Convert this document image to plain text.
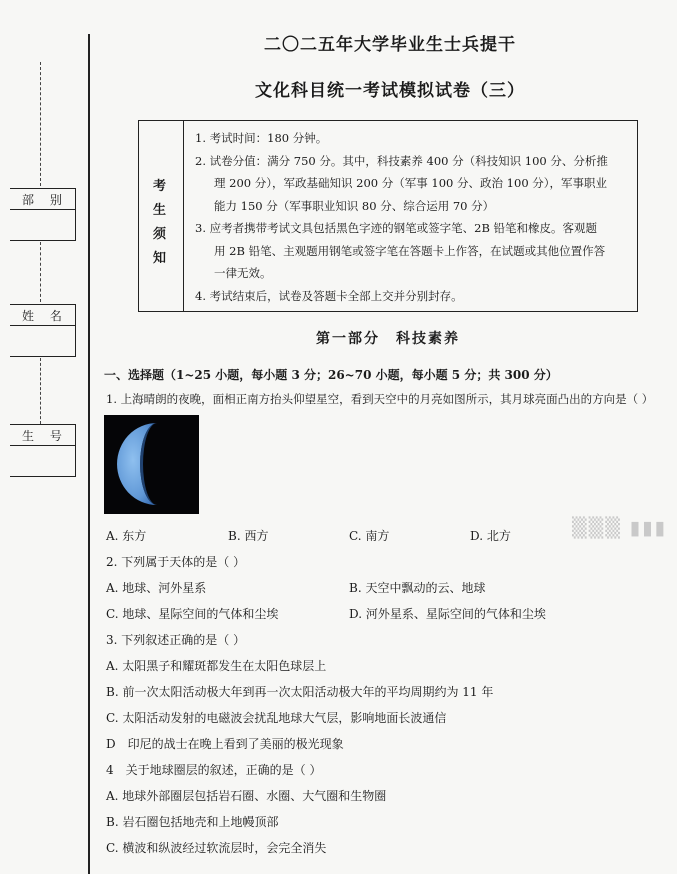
部 别
姓 名
生 号
二〇二五年大学毕业生士兵提干
文化科目统一考试模拟试卷（三）
考
生
须
知

1. 考试时间：180 分钟。

2. 试卷分值：满分 750 分。其中，科技素养 400 分（科技知识 100 分、分析推

理 200 分），军政基础知识 200 分（军事 100 分、政治 100 分），军事职业

能力 150 分（军事职业知识 80 分、综合运用 70 分）

3. 应考者携带考试文具包括黑色字迹的钢笔或签字笔、2B 铅笔和橡皮。客观题

用 2B 铅笔、主观题用钢笔或签字笔在答题卡上作答，在试题或其他位置作答

一律无效。

4. 考试结束后，试卷及答题卡全部上交并分别封存。

第一部分　科技素养
一、选择题（1~25 小题，每小题 3 分；26~70 小题，每小题 5 分；共 300 分）
1. 上海晴朗的夜晚，面相正南方抬头仰望星空，看到天空中的月亮如图所示，其月球亮面凸出的方向是（ ）
A. 东方	B. 西方	C. 南方	D. 北方	▒▒▒ ▮▮▮
2. 下列属于天体的是（ ）
A. 地球、河外星系	B. 天空中飘动的云、地球
C. 地球、星际空间的气体和尘埃	D. 河外星系、星际空间的气体和尘埃
3. 下列叙述正确的是（ ）
A. 太阳黑子和耀斑都发生在太阳色球层上
B. 前一次太阳活动极大年到再一次太阳活动极大年的平均周期约为 11 年
C. 太阳活动发射的电磁波会扰乱地球大气层，影响地面长波通信
D　印尼的战士在晚上看到了美丽的极光现象
4　关于地球圈层的叙述，正确的是（ ）
A. 地球外部圈层包括岩石圈、水圈、大气圈和生物圈
B. 岩石圈包括地壳和上地幔顶部
C. 横波和纵波经过软流层时，会完全消失
